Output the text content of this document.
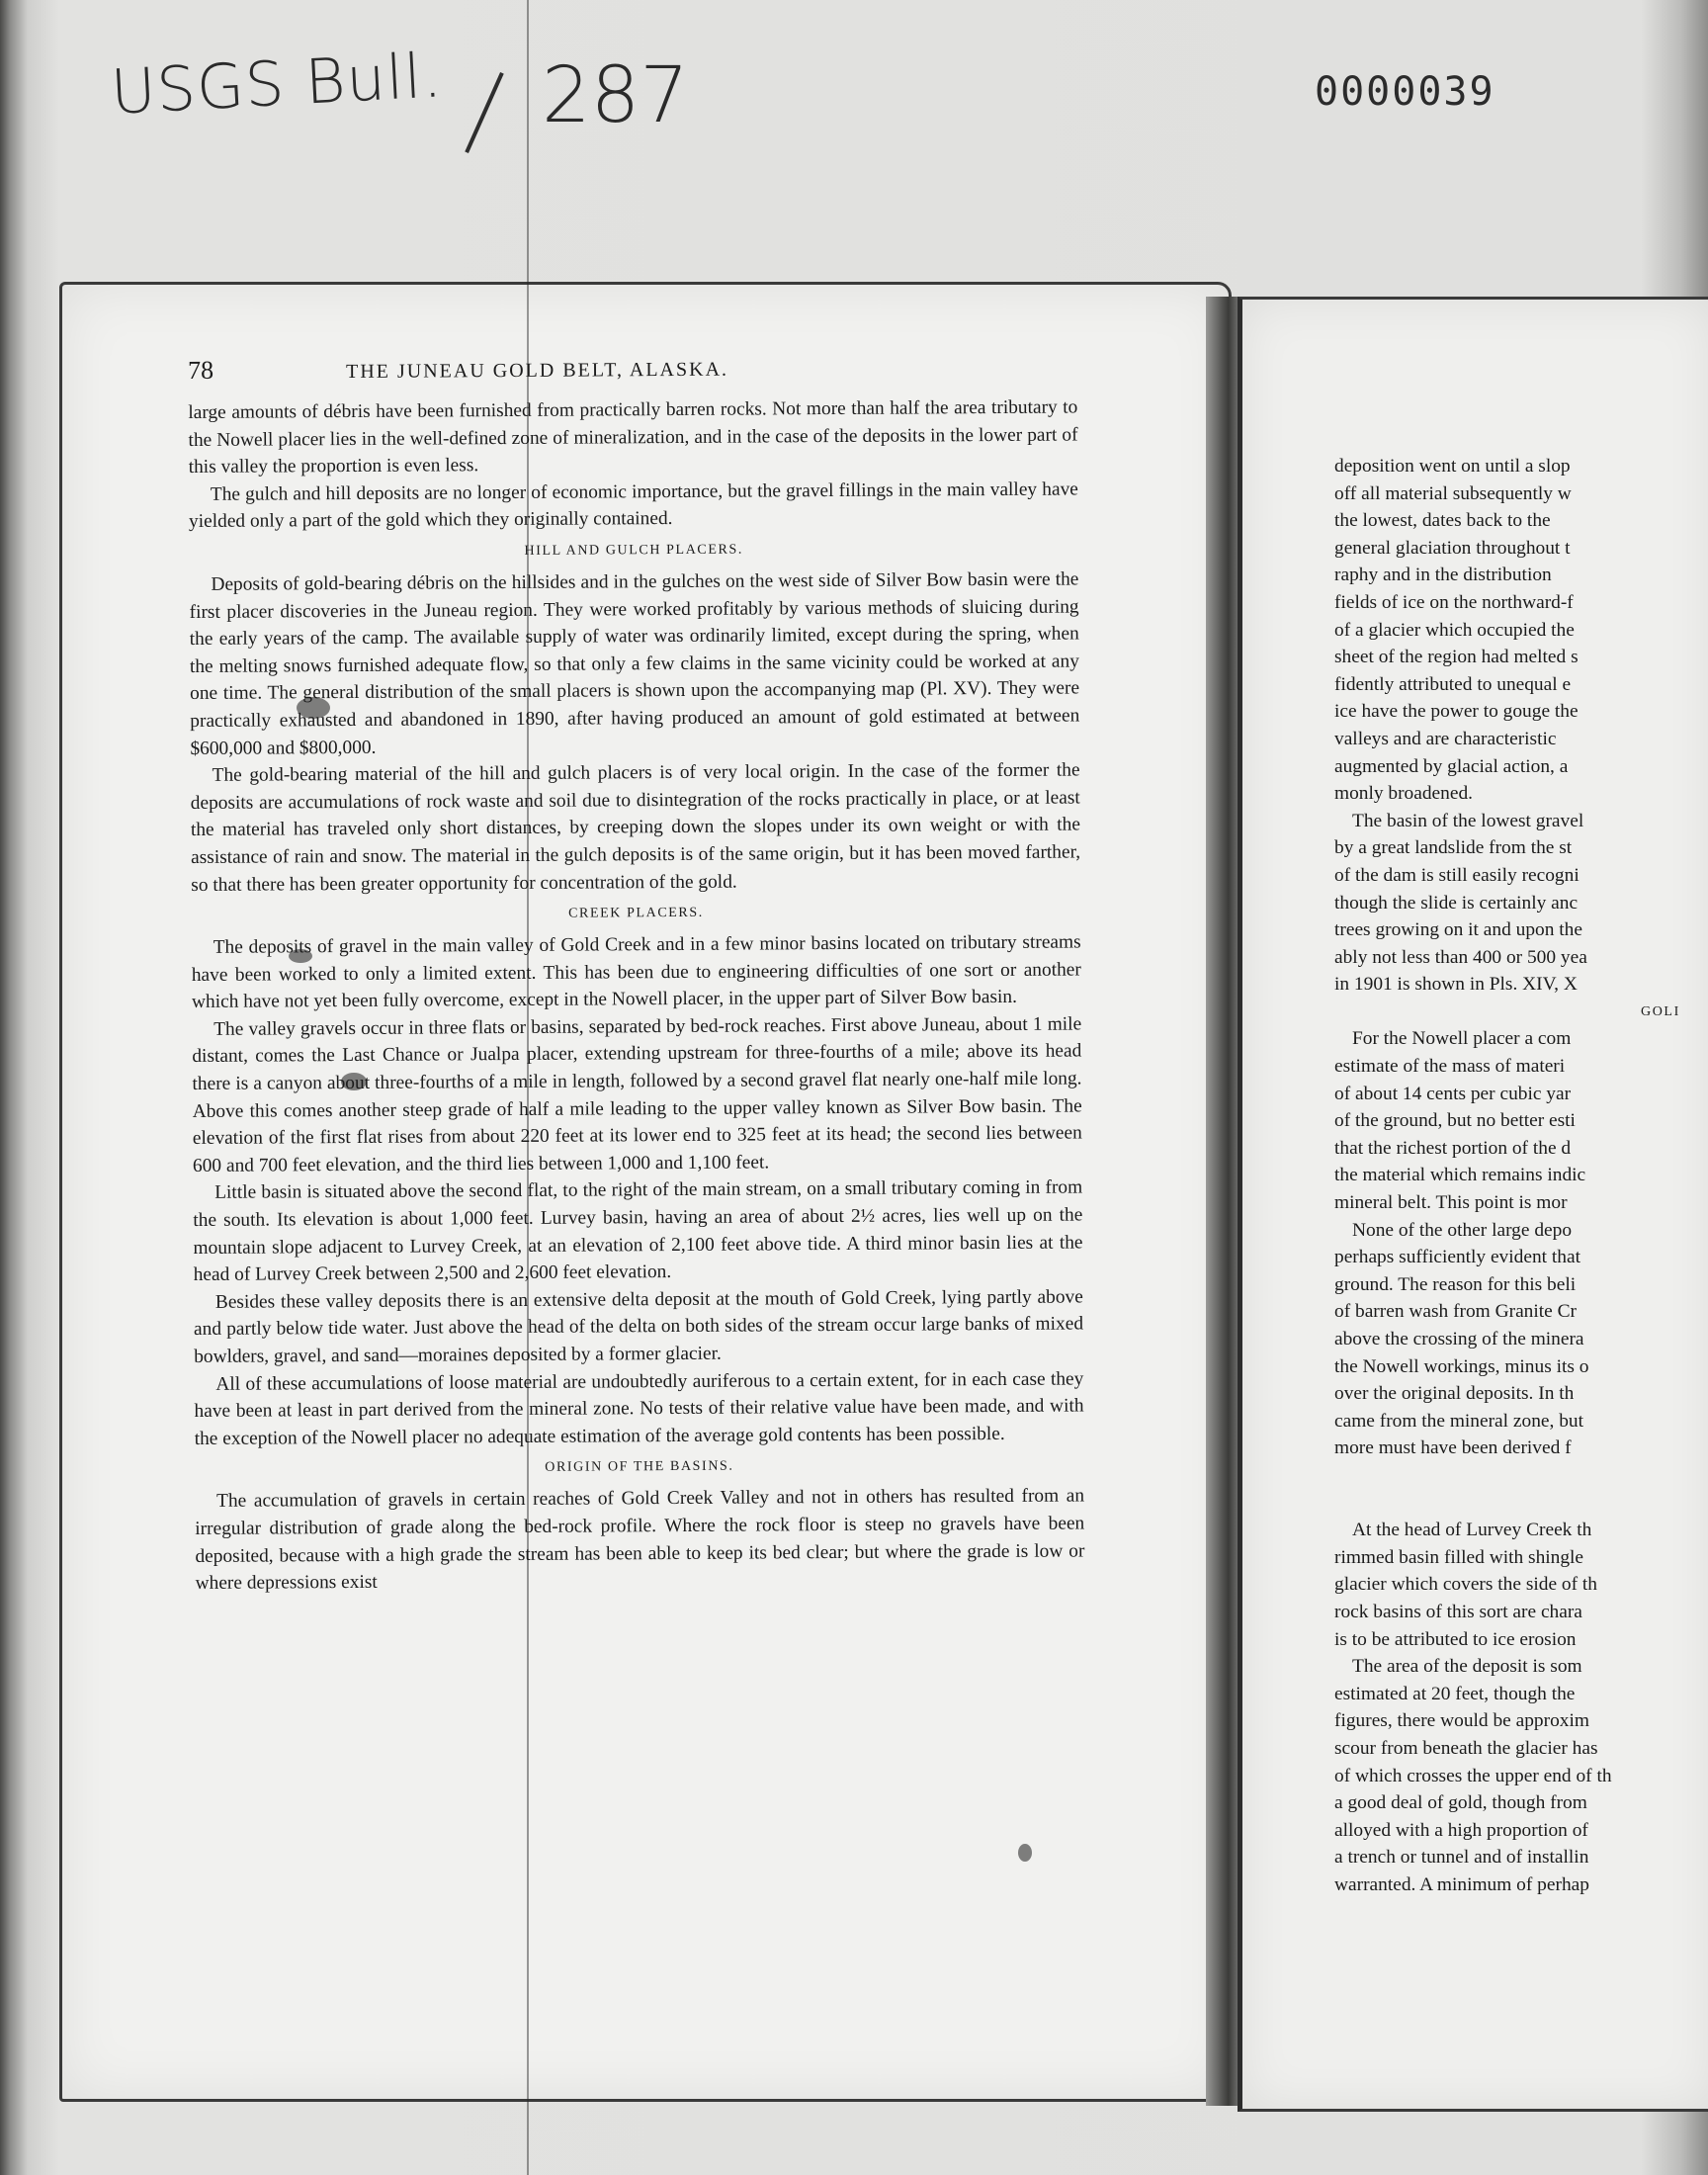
USGS Bull. 287	0000039
78	THE JUNEAU GOLD BELT, ALASKA.

large amounts of débris have been furnished from practically barren rocks. Not more than half the area tributary to the Nowell placer lies in the well-defined zone of mineralization, and in the case of the deposits in the lower part of this valley the proportion is even less.

The gulch and hill deposits are no longer of economic importance, but the gravel fillings in the main valley have yielded only a part of the gold which they originally contained.

HILL AND GULCH PLACERS.

Deposits of gold-bearing débris on the hillsides and in the gulches on the west side of Silver Bow basin were the first placer discoveries in the Juneau region. They were worked profitably by various methods of sluicing during the early years of the camp. The available supply of water was ordinarily limited, except during the spring, when the melting snows furnished adequate flow, so that only a few claims in the same vicinity could be worked at any one time. The general distribution of the small placers is shown upon the accompanying map (Pl. XV). They were practically exhausted and abandoned in 1890, after having produced an amount of gold estimated at between $600,000 and $800,000.

The gold-bearing material of the hill and gulch placers is of very local origin. In the case of the former the deposits are accumulations of rock waste and soil due to disintegration of the rocks practically in place, or at least the material has traveled only short distances, by creeping down the slopes under its own weight or with the assistance of rain and snow. The material in the gulch deposits is of the same origin, but it has been moved farther, so that there has been greater opportunity for concentration of the gold.

CREEK PLACERS.

The deposits of gravel in the main valley of Gold Creek and in a few minor basins located on tributary streams have been worked to only a limited extent. This has been due to engineering difficulties of one sort or another which have not yet been fully overcome, except in the Nowell placer, in the upper part of Silver Bow basin.

The valley gravels occur in three flats or basins, separated by bed-rock reaches. First above Juneau, about 1 mile distant, comes the Last Chance or Jualpa placer, extending upstream for three-fourths of a mile; above its head there is a canyon about three-fourths of a mile in length, followed by a second gravel flat nearly one-half mile long. Above this comes another steep grade of half a mile leading to the upper valley known as Silver Bow basin. The elevation of the first flat rises from about 220 feet at its lower end to 325 feet at its head; the second lies between 600 and 700 feet elevation, and the third lies between 1,000 and 1,100 feet.

Little basin is situated above the second flat, to the right of the main stream, on a small tributary coming in from the south. Its elevation is about 1,000 feet. Lurvey basin, having an area of about 2½ acres, lies well up on the mountain slope adjacent to Lurvey Creek, at an elevation of 2,100 feet above tide. A third minor basin lies at the head of Lurvey Creek between 2,500 and 2,600 feet elevation.

Besides these valley deposits there is an extensive delta deposit at the mouth of Gold Creek, lying partly above and partly below tide water. Just above the head of the delta on both sides of the stream occur large banks of mixed bowlders, gravel, and sand—moraines deposited by a former glacier.

All of these accumulations of loose material are undoubtedly auriferous to a certain extent, for in each case they have been at least in part derived from the mineral zone. No tests of their relative value have been made, and with the exception of the Nowell placer no adequate estimation of the average gold contents has been possible.

ORIGIN OF THE BASINS.

The accumulation of gravels in certain reaches of Gold Creek Valley and not in others has resulted from an irregular distribution of grade along the bed-rock profile. Where the rock floor is steep no gravels have been deposited, because with a high grade the stream has been able to keep its bed clear; but where the grade is low or where depressions exist

deposition went on until a slop
off all material subsequently w
the lowest, dates back to the
general glaciation throughout t
raphy and in the distribution
fields of ice on the northward-f
of a glacier which occupied the
sheet of the region had melted s
fidently attributed to unequal e
ice have the power to gouge the
valleys and are characteristic
augmented by glacial action, a
monly broadened.
The basin of the lowest gravel
by a great landslide from the st
of the dam is still easily recogni
though the slide is certainly anc
trees growing on it and upon the
ably not less than 400 or 500 yea
in 1901 is shown in Pls. XIV, X
GOLI
For the Nowell placer a com
estimate of the mass of materi
of about 14 cents per cubic yar
of the ground, but no better esti
that the richest portion of the d
the material which remains indic
mineral belt. This point is mor
None of the other large depo
perhaps sufficiently evident that
ground. The reason for this beli
of barren wash from Granite Cr
above the crossing of the minera
the Nowell workings, minus its o
over the original deposits. In th
came from the mineral zone, but
more must have been derived f
At the head of Lurvey Creek th
rimmed basin filled with shingle
glacier which covers the side of th
rock basins of this sort are chara
is to be attributed to ice erosion
The area of the deposit is som
estimated at 20 feet, though the
figures, there would be approxim
scour from beneath the glacier has
of which crosses the upper end of th
a good deal of gold, though from
alloyed with a high proportion of
a trench or tunnel and of installin
warranted. A minimum of perhap
